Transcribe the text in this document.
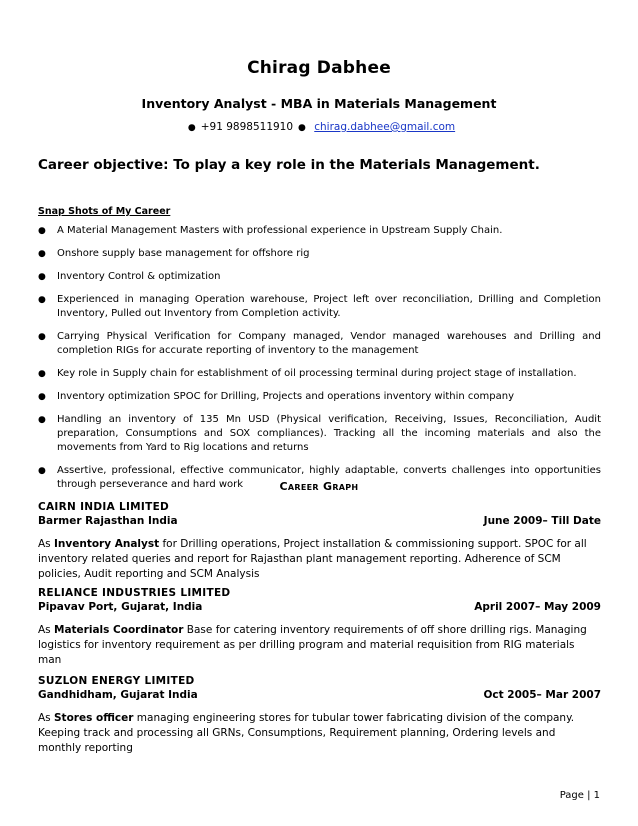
Chirag Dabhee
Inventory Analyst - MBA in Materials Management
● +91 9898511910 ● chirag.dabhee@gmail.com
Career objective: To play a key role in the Materials Management.
Snap Shots of My Career
● A Material Management Masters with professional experience in Upstream Supply Chain.
● Onshore supply base management for offshore rig
● Inventory Control & optimization
● Experienced in managing Operation warehouse, Project left over reconciliation, Drilling and Completion Inventory, Pulled out Inventory from Completion activity.
● Carrying Physical Verification for Company managed, Vendor managed warehouses and Drilling and completion RIGs for accurate reporting of inventory to the management
● Key role in Supply chain for establishment of oil processing terminal during project stage of installation.
● Inventory optimization SPOC for Drilling, Projects and operations inventory within company
● Handling an inventory of 135 Mn USD (Physical verification, Receiving, Issues, Reconciliation, Audit preparation, Consumptions and SOX compliances). Tracking all the incoming materials and also the movements from Yard to Rig locations and returns
● Assertive, professional, effective communicator, highly adaptable, converts challenges into opportunities through perseverance and hard work	Career Graph
CAIRN INDIA LIMITED
Barmer Rajasthan India	June 2009– Till Date
As Inventory Analyst for Drilling operations, Project installation & commissioning support. SPOC for all inventory related queries and report for Rajasthan plant management reporting. Adherence of SCM policies, Audit reporting and SCM Analysis
RELIANCE INDUSTRIES LIMITED
Pipavav Port, Gujarat, India	April 2007– May 2009
As Materials Coordinator Base for catering inventory requirements of off shore drilling rigs. Managing logistics for inventory requirement as per drilling program and material requisition from RIG materials man
SUZLON ENERGY LIMITED
Gandhidham, Gujarat India	Oct 2005– Mar 2007
As Stores officer managing engineering stores for tubular tower fabricating division of the company. Keeping track and processing all GRNs, Consumptions, Requirement planning, Ordering levels and monthly reporting
Page | 1
